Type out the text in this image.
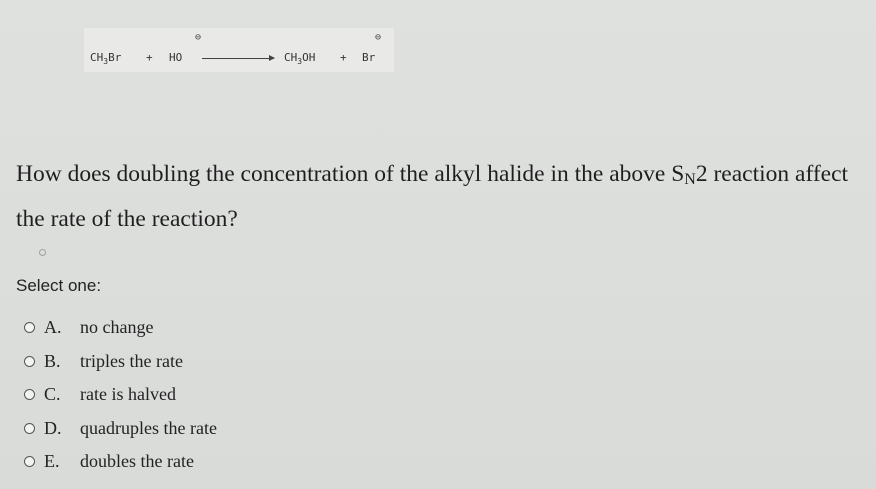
$CH_3Br$ + HO
⊖
$CH_3OH + Br$
⊖
How does doubling the concentration of the alkyl halide in the above SN2 reaction affect the rate of the reaction?
Select one:
A.	no change
B.	triples the rate
C.	rate is halved
D.	quadruples the rate
E.	doubles the rate
